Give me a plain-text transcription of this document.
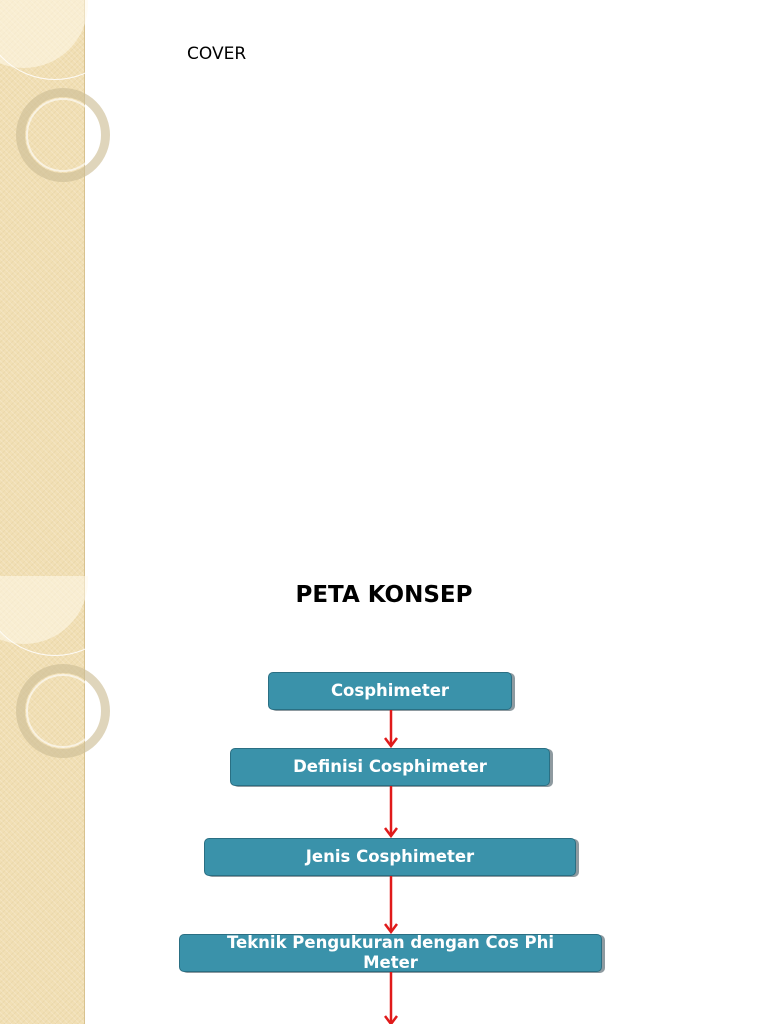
COVER
PETA KONSEP
Cosphimeter
Definisi Cosphimeter
Jenis Cosphimeter
Teknik Pengukuran dengan Cos Phi Meter
